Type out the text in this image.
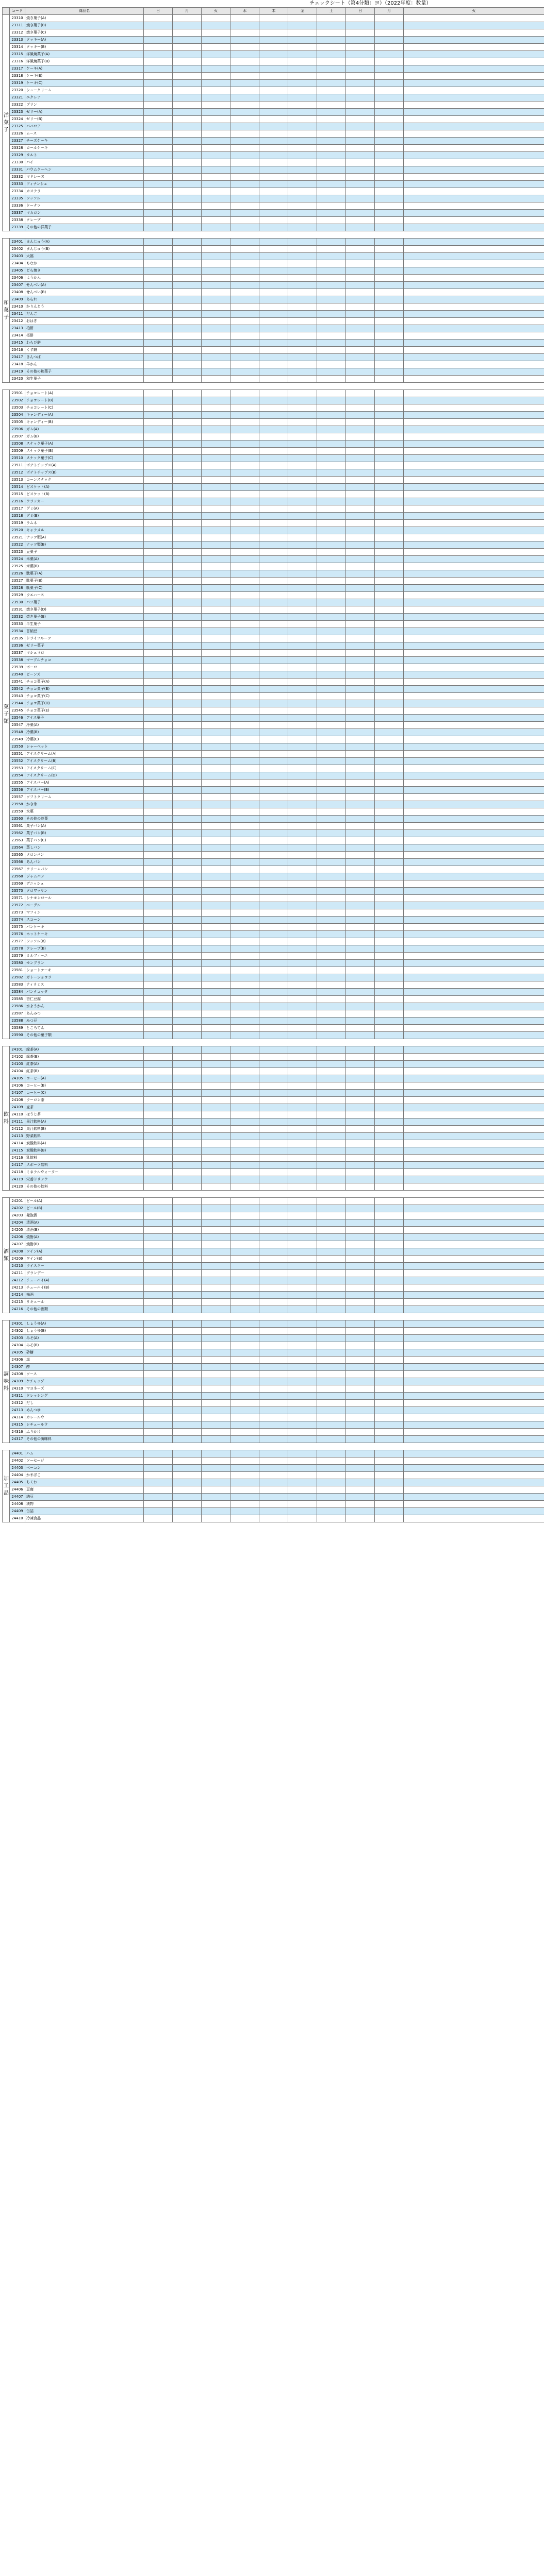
チェックシート（第4分類：ヨ）（2022年度：数量）
	コード	商品名	日	月	火	水	木	金	土	日	月	火

洋菓子	23310	焼き菓子(A)										
	23311	焼き菓子(B)										
	23312	焼き菓子(C)										
	23313	クッキー(A)										
	23314	クッキー(B)										
	23315	洋風焼菓子(A)										
	23316	洋風焼菓子(B)										
	23317	ケーキ(A)										
	23318	ケーキ(B)										
	23319	ケーキ(C)										
	23320	シュークリーム										
	23321	エクレア										
	23322	プリン										
	23323	ゼリー(A)										
	23324	ゼリー(B)										
	23325	ババロア										
	23326	ムース										
	23327	チーズケーキ										
	23328	ロールケーキ										
	23329	タルト										
	23330	パイ										
	23331	バウムクーヘン										
	23332	マドレーヌ										
	23333	フィナンシェ										
	23334	カステラ										
	23335	ワッフル										
	23336	ドーナツ										
	23337	マカロン										
	23338	クレープ										
	23339	その他の洋菓子										

和菓子	23401	まんじゅう(A)										
	23402	まんじゅう(B)										
	23403	大福										
	23404	もなか										
	23405	どら焼き										
	23406	ようかん										
	23407	せんべい(A)										
	23408	せんべい(B)										
	23409	あられ										
	23410	かりんとう										
	23411	だんご										
	23412	おはぎ										
	23413	柏餅										
	23414	桜餅										
	23415	わらび餅										
	23416	くず餅										
	23417	きんつば										
	23418	羊かん										
	23419	その他の和菓子										
	23420	和生菓子										

菓子類	23501	チョコレート(A)										
	23502	チョコレート(B)										
	23503	チョコレート(C)										
	23504	キャンディー(A)										
	23505	キャンディー(B)										
	23506	ガム(A)										
	23507	ガム(B)										
	23508	スナック菓子(A)										
	23509	スナック菓子(B)										
	23510	スナック菓子(C)										
	23511	ポテトチップス(A)										
	23512	ポテトチップス(B)										
	23513	コーンスナック										
	23514	ビスケット(A)										
	23515	ビスケット(B)										
	23516	クラッカー										
	23517	グミ(A)										
	23518	グミ(B)										
	23519	ラムネ										
	23520	キャラメル										
	23521	ナッツ類(A)										
	23522	ナッツ類(B)										
	23523	豆菓子										
	23524	米菓(A)										
	23525	米菓(B)										
	23526	駄菓子(A)										
	23527	駄菓子(B)										
	23528	駄菓子(C)										
	23529	ウエハース										
	23530	パフ菓子										
	23531	焼き菓子(D)										
	23532	焼き菓子(E)										
	23533	半生菓子										
	23534	甘納豆										
	23535	ドライフルーツ										
	23536	ゼリー菓子										
	23537	マシュマロ										
	23538	マーブルチョコ										
	23539	ボーロ										
	23540	ビーンズ										
	23541	チョコ菓子(A)										
	23542	チョコ菓子(B)										
	23543	チョコ菓子(C)										
	23544	チョコ菓子(D)										
	23545	チョコ菓子(E)										
	23546	アイス菓子										
	23547	冷菓(A)										
	23548	冷菓(B)										
	23549	冷菓(C)										
	23550	シャーベット										
	23551	アイスクリーム(A)										
	23552	アイスクリーム(B)										
	23553	アイスクリーム(C)										
	23554	アイスクリーム(D)										
	23555	アイスバー(A)										
	23556	アイスバー(B)										
	23557	ソフトクリーム										
	23558	かき氷										
	23559	氷菓										
	23560	その他の冷菓										
	23561	菓子パン(A)										
	23562	菓子パン(B)										
	23563	菓子パン(C)										
	23564	蒸しパン										
	23565	メロンパン										
	23566	あんパン										
	23567	クリームパン										
	23568	ジャムパン										
	23569	デニッシュ										
	23570	クロワッサン										
	23571	シナモンロール										
	23572	ベーグル										
	23573	マフィン										
	23574	スコーン										
	23575	パンケーキ										
	23576	ホットケーキ										
	23577	ワッフル(B)										
	23578	クレープ(B)										
	23579	ミルフィーユ										
	23580	モンブラン										
	23581	ショートケーキ										
	23582	ガトーショコラ										
	23583	ティラミス										
	23584	パンナコッタ										
	23585	杏仁豆腐										
	23586	水ようかん										
	23587	あんみつ										
	23588	みつ豆										
	23589	ところてん										
	23590	その他の菓子類										

飲料	24101	緑茶(A)										
	24102	緑茶(B)										
	24103	紅茶(A)										
	24104	紅茶(B)										
	24105	コーヒー(A)										
	24106	コーヒー(B)										
	24107	コーヒー(C)										
	24108	ウーロン茶										
	24109	麦茶										
	24110	ほうじ茶										
	24111	果汁飲料(A)										
	24112	果汁飲料(B)										
	24113	野菜飲料										
	24114	炭酸飲料(A)										
	24115	炭酸飲料(B)										
	24116	乳飲料										
	24117	スポーツ飲料										
	24118	ミネラルウォーター										
	24119	栄養ドリンク										
	24120	その他の飲料										

酒類	24201	ビール(A)										
	24202	ビール(B)										
	24203	発泡酒										
	24204	清酒(A)										
	24205	清酒(B)										
	24206	焼酎(A)										
	24207	焼酎(B)										
	24208	ワイン(A)										
	24209	ワイン(B)										
	24210	ウイスキー										
	24211	ブランデー										
	24212	チューハイ(A)										
	24213	チューハイ(B)										
	24214	梅酒										
	24215	リキュール										
	24216	その他の酒類										

調味料	24301	しょうゆ(A)										
	24302	しょうゆ(B)										
	24303	みそ(A)										
	24304	みそ(B)										
	24305	砂糖										
	24306	塩										
	24307	酢										
	24308	ソース										
	24309	ケチャップ										
	24310	マヨネーズ										
	24311	ドレッシング										
	24312	だし										
	24313	めんつゆ										
	24314	カレールウ										
	24315	シチュールウ										
	24316	ふりかけ										
	24317	その他の調味料										

加工品	24401	ハム										
	24402	ソーセージ										
	24403	ベーコン										
	24404	かまぼこ										
	24405	ちくわ										
	24406	豆腐										
	24407	納豆										
	24408	漬物										
	24409	缶詰										
	24410	冷凍食品										
